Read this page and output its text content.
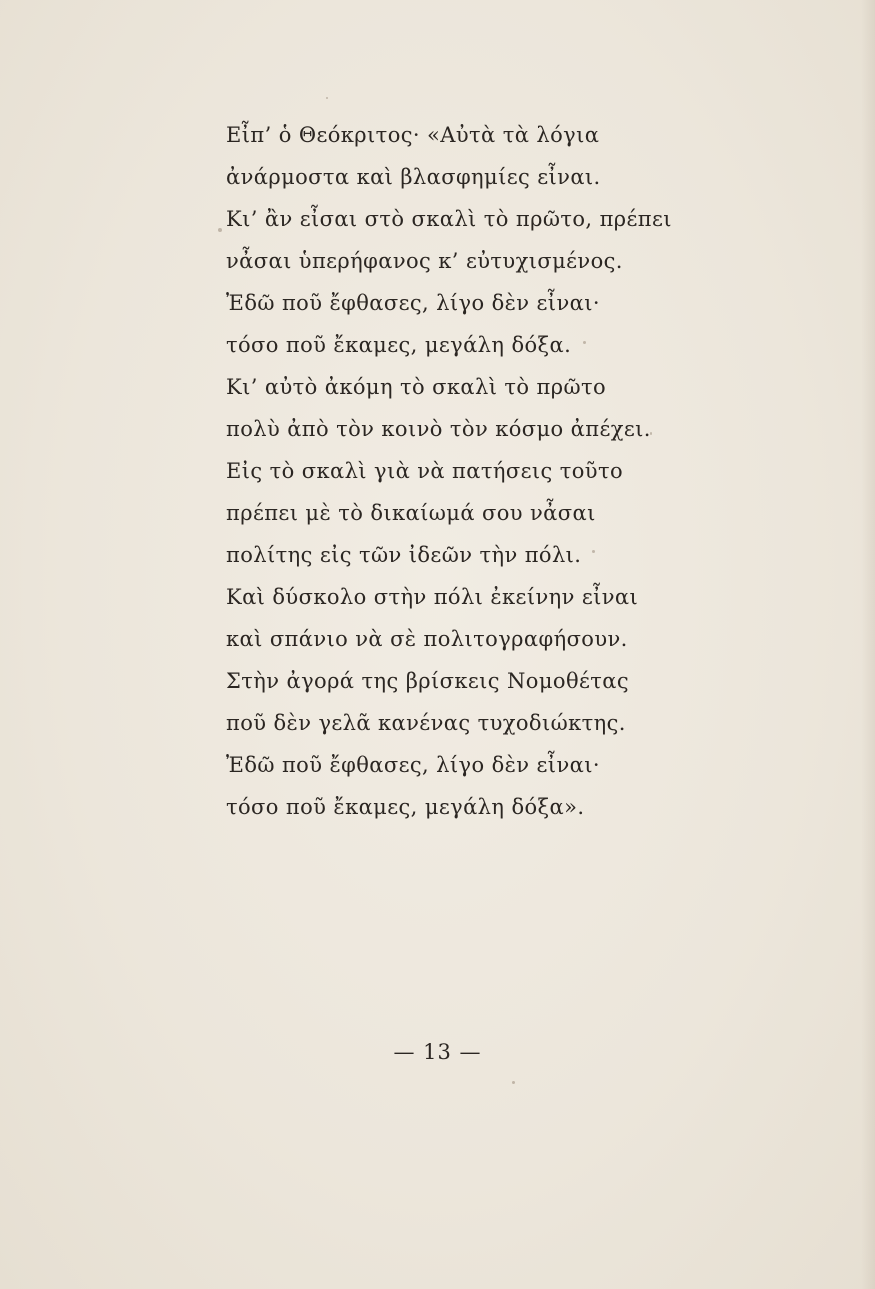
Εἶπ’ ὁ Θεόκριτος· «Αὐτὰ τὰ λόγια
ἀνάρμοστα καὶ βλασφημίες εἶναι.
Κι’ ἂν εἶσαι στὸ σκαλὶ τὸ πρῶτο, πρέπει
νἆσαι ὑπερήφανος κ’ εὐτυχισμένος.
Ἐδῶ ποῦ ἔφθασες, λίγο δὲν εἶναι·
τόσο ποῦ ἔκαμες, μεγάλη δόξα.
Κι’ αὐτὸ ἀκόμη τὸ σκαλὶ τὸ πρῶτο
πολὺ ἀπὸ τὸν κοινὸ τὸν κόσμο ἀπέχει.
Εἰς τὸ σκαλὶ γιὰ νὰ πατήσεις τοῦτο
πρέπει μὲ τὸ δικαίωμά σου νἆσαι
πολίτης εἰς τῶν ἰδεῶν τὴν πόλι.
Καὶ δύσκολο στὴν πόλι ἐκείνην εἶναι
καὶ σπάνιο νὰ σὲ πολιτογραφήσουν.
Στὴν ἀγορά της βρίσκεις Νομοθέτας
ποῦ δὲν γελᾶ κανένας τυχοδιώκτης.
Ἐδῶ ποῦ ἔφθασες, λίγο δὲν εἶναι·
τόσο ποῦ ἔκαμες, μεγάλη δόξα».
— 13 —
